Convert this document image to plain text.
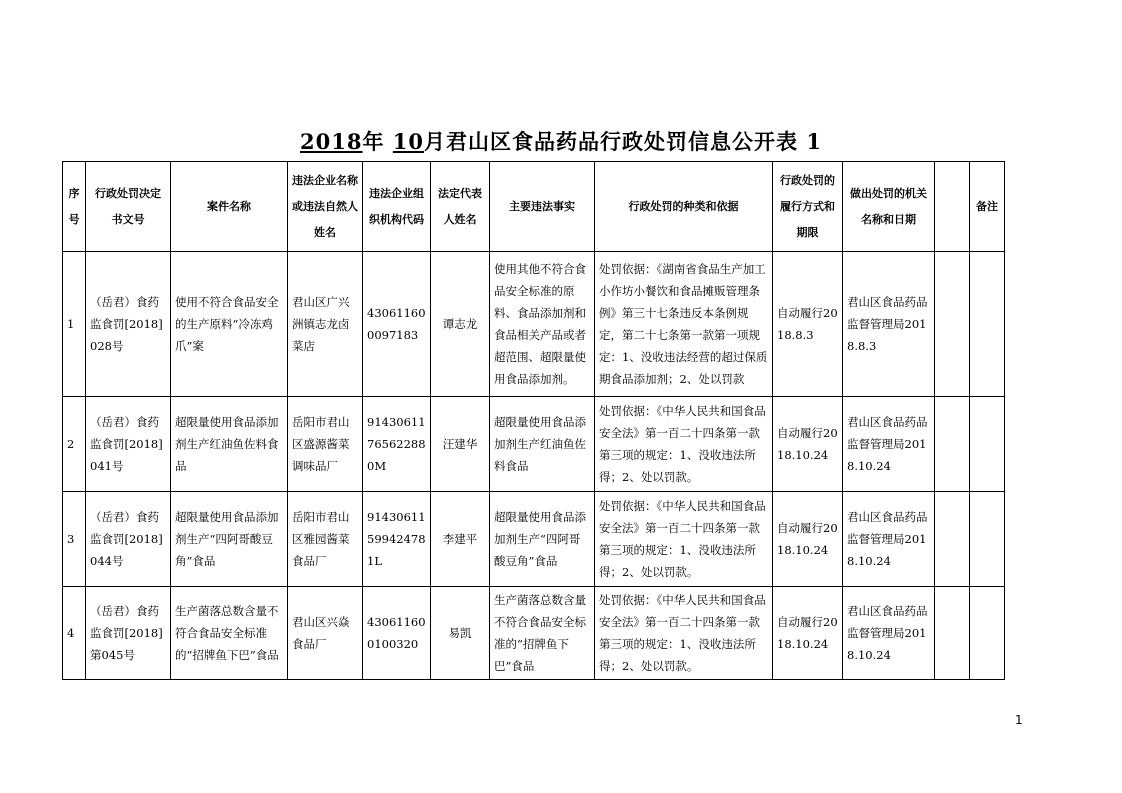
2018年 10月君山区食品药品行政处罚信息公开表 1
序号	行政处罚决定书文号	案件名称	违法企业名称或违法自然人姓名	违法企业组织机构代码	法定代表人姓名	主要违法事实	行政处罚的种类和依据	行政处罚的履行方式和期限	做出处罚的机关名称和日期		备注
1	（岳君）食药监食罚[2018]028号	使用不符合食品安全的生产原料“冷冻鸡爪”案	君山区广兴洲镇志龙卤菜店	430611600097183	谭志龙	使用其他不符合食品安全标准的原料、食品添加剂和食品相关产品或者超范围、超限量使用食品添加剂。	处罚依据：《湖南省食品生产加工小作坊小餐饮和食品摊贩管理条例》第三十七条违反本条例规定，第二十七条第一款第一项规定：1、没收违法经营的超过保质期食品添加剂；2、处以罚款	自动履行2018.8.3	君山区食品药品监督管理局2018.8.3		
2	（岳君）食药监食罚[2018]041号	超限量使用食品添加剂生产红油鱼佐料食品	岳阳市君山区盛源酱菜调味品厂	91430611765622880M	汪建华	超限量使用食品添加剂生产红油鱼佐料食品	处罚依据：《中华人民共和国食品安全法》第一百二十四条第一款第三项的规定：1、没收违法所得；2、处以罚款。	自动履行2018.10.24	君山区食品药品监督管理局2018.10.24		
3	（岳君）食药监食罚[2018]044号	超限量使用食品添加剂生产“四阿哥酸豆角”食品	岳阳市君山区雅园酱菜食品厂	91430611599424781L	李建平	超限量使用食品添加剂生产“四阿哥酸豆角”食品	处罚依据：《中华人民共和国食品安全法》第一百二十四条第一款第三项的规定：1、没收违法所得；2、处以罚款。	自动履行2018.10.24	君山区食品药品监督管理局2018.10.24		
4	（岳君）食药监食罚[2018]第045号	生产菌落总数含量不符合食品安全标准的“招牌鱼下巴”食品	君山区兴焱食品厂	430611600100320	易凯	生产菌落总数含量不符合食品安全标准的“招牌鱼下巴”食品	处罚依据：《中华人民共和国食品安全法》第一百二十四条第一款第三项的规定：1、没收违法所得；2、处以罚款。	自动履行2018.10.24	君山区食品药品监督管理局2018.10.24		
1
